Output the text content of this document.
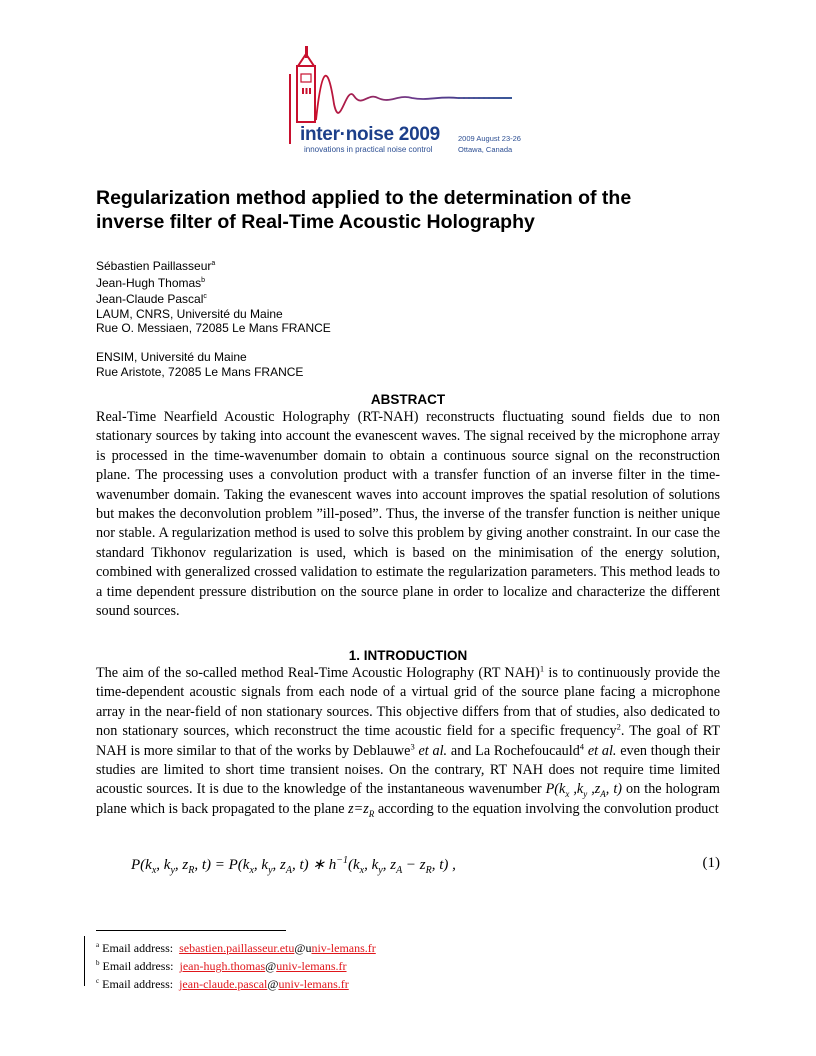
inter·noise 2009
innovations in practical noise control
2009 August 23-26
Ottawa, Canada
Regularization method applied to the determination of the
inverse filter of Real-Time Acoustic Holography
Sébastien Paillasseur$^a$
Jean-Hugh Thomas$^b$
Jean-Claude Pascal$^c$
LAUM, CNRS, Université du Maine
Rue O. Messiaen, 72085 Le Mans FRANCE
ENSIM, Université du Maine
Rue Aristote, 72085 Le Mans FRANCE
ABSTRACT

Real-Time Nearfield Acoustic Holography (RT-NAH) reconstructs fluctuating sound fields due to non stationary sources by taking into account the evanescent waves. The signal received by the microphone array is processed in the time-wavenumber domain to obtain a continuous source signal on the reconstruction plane. The processing uses a convolution product with a transfer function of an inverse filter in the time-wavenumber domain. Taking the evanescent waves into account improves the spatial resolution of solutions but makes the deconvolution problem ”ill-posed”. Thus, the inverse of the transfer function is neither unique nor stable. A regularization method is used to solve this problem by giving another constraint. In our case the standard Tikhonov regularization is used, which is based on the minimisation of the energy solution, combined with generalized crossed validation to estimate the regularization parameters. This method leads to a time dependent pressure distribution on the source plane in order to localize and characterize the different sound sources.

1. INTRODUCTION

The aim of the so-called method Real-Time Acoustic Holography (RT NAH)$^1$ is to continuously provide the time-dependent acoustic signals from each node of a virtual grid of the source plane facing a microphone array in the near-field of non stationary sources. This objective differs from that of studies, also dedicated to non stationary sources, which reconstruct the time acoustic field for a specific frequency$^2$. The goal of RT NAH is more similar to that of the works by Deblauwe$^3$ et al. and La Rochefoucauld$^4$ et al. even though their studies are limited to short time transient noises. On the contrary, RT NAH does not require time limited acoustic sources. It is due to the knowledge of the instantaneous wavenumber $P(k_x$ $,k_y$ $,z_A$, t) on the hologram plane which is back propagated to the plane $z=z_R$ according to the equation involving the convolution product

$P(k_x$, $k_y$, $z_R$, $t) = P(k_x$, $k_y$, $z_A$, t) ∗ $h^{-1}(k_x$, $k_y$, $z_A - z_R$, t) ,	(1)
$^a$ Email address: sebastien.paillasseur.etu@univ-lemans.fr
$^b$ Email address: jean-hugh.thomas@univ-lemans.fr
$^c$ Email address: jean-claude.pascal@univ-lemans.fr
